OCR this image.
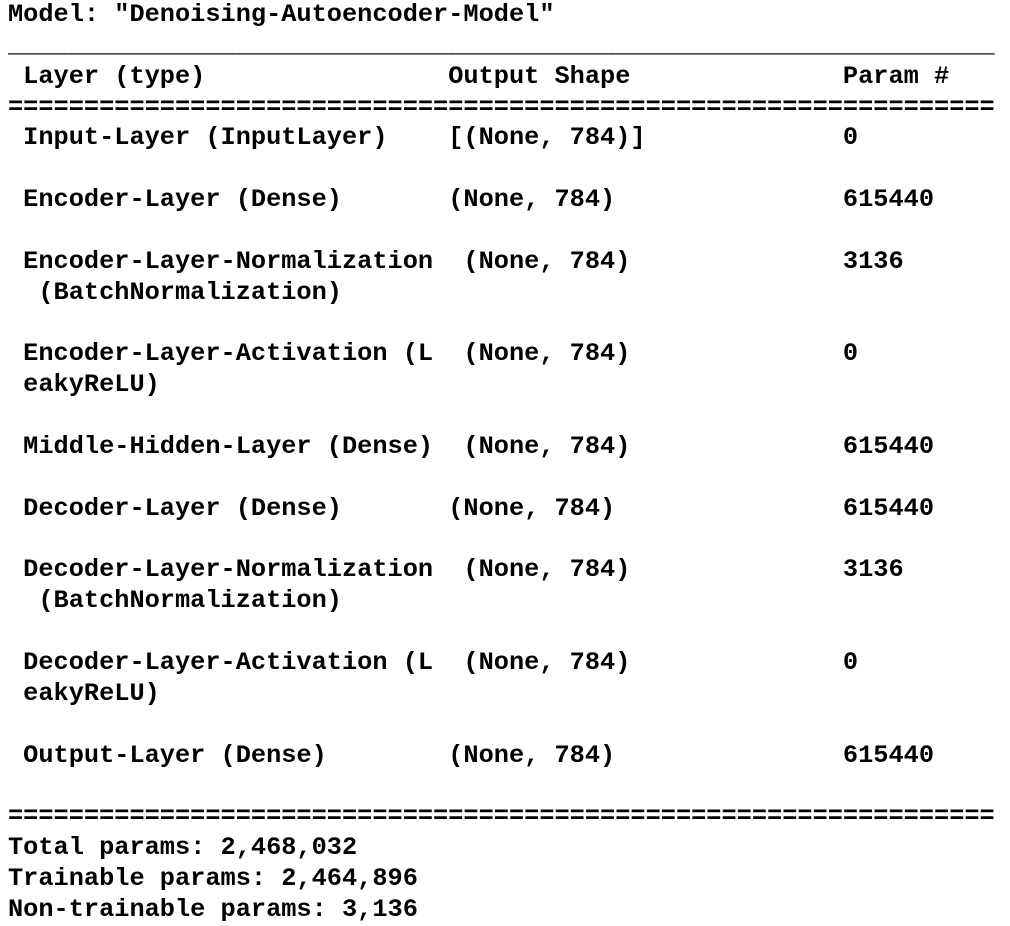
Model: "Denoising-Autoencoder-Model"
_________________________________________________________________
Layer (type)                Output Shape              Param #
=================================================================
Input-Layer (InputLayer)    [(None, 784)]             0
Encoder-Layer (Dense)       (None, 784)               615440
Encoder-Layer-Normalization  (None, 784)              3136
(BatchNormalization)
Encoder-Layer-Activation (L  (None, 784)              0
eakyReLU)
Middle-Hidden-Layer (Dense)  (None, 784)              615440
Decoder-Layer (Dense)       (None, 784)               615440
Decoder-Layer-Normalization  (None, 784)              3136
(BatchNormalization)
Decoder-Layer-Activation (L  (None, 784)              0
eakyReLU)
Output-Layer (Dense)        (None, 784)               615440
=================================================================
Total params: 2,468,032
Trainable params: 2,464,896
Non-trainable params: 3,136
